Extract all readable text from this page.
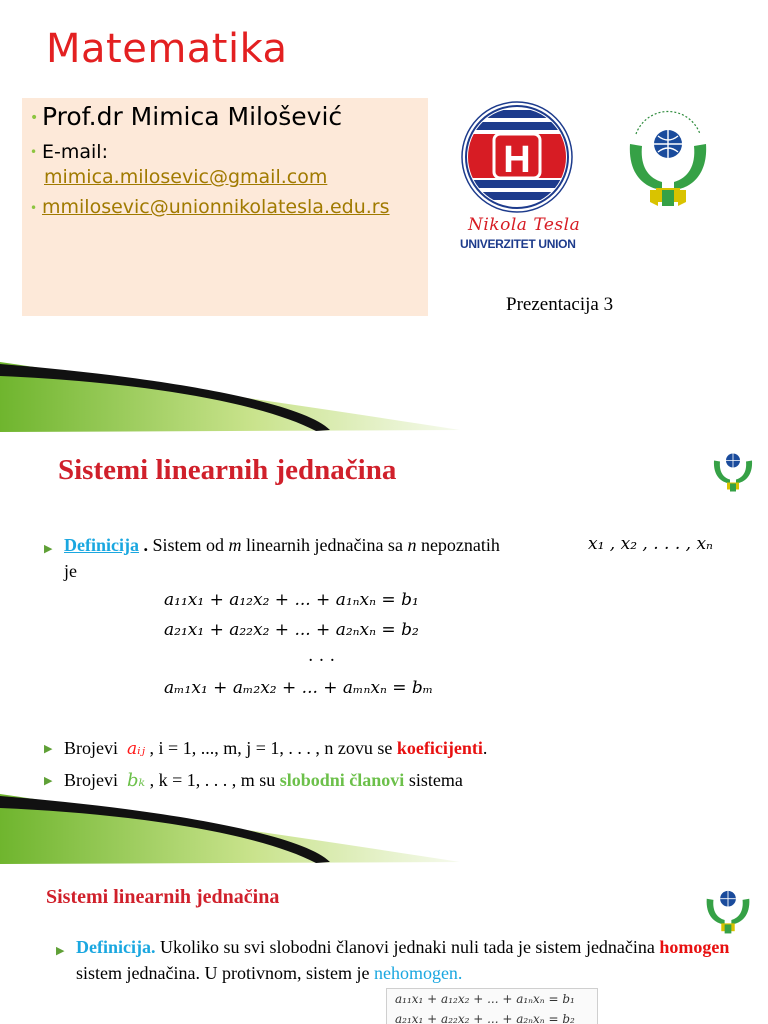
Matematika
• Prof.dr Mimica Milošević
• E-mail:
mimica.milosevic@gmail.com
• mmilosevic@unionnikolatesla.edu.rs
H
Nikola Tesla
UNIVERZITET UNION
Prezentacija 3
Sistemi linearnih jednačina
▶ Definicija . Sistem od m linearnih jednačina sa n nepoznatih
je
x₁ , x₂ , . . . , xₙ
a₁₁x₁ + a₁₂x₂ + ... + a₁ₙxₙ = b₁
a₂₁x₁ + a₂₂x₂ + ... + a₂ₙxₙ = b₂
. . .
aₘ₁x₁ + aₘ₂x₂ + ... + aₘₙxₙ = bₘ
▶ Brojevi aᵢⱼ , i = 1, ..., m, j = 1, . . . , n zovu se koeficijenti.
▶ Brojevi bₖ , k = 1, . . . , m su slobodni članovi sistema
Sistemi linearnih jednačina
▶ Definicija. Ukoliko su svi slobodni članovi jednaki nuli tada je sistem jednačina homogen sistem jednačina. U protivnom, sistem je nehomogen.
a₁₁x₁ + a₁₂x₂ + ... + a₁ₙxₙ = b₁
a₂₁x₁ + a₂₂x₂ + ... + a₂ₙxₙ = b₂
